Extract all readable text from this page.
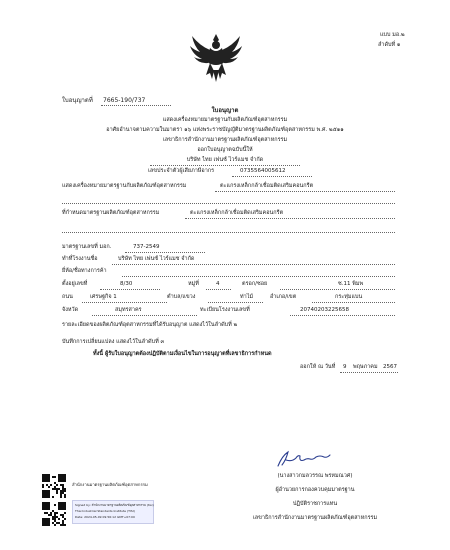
แบบ มอ.๒
ลำดับที่ ๑
ใบอนุญาตที่ 7665-190/737
ใบอนุญาต
แสดงเครื่องหมายมาตรฐานกับผลิตภัณฑ์อุตสาหกรรม
อาศัยอำนาจตามความในมาตรา ๑๖ แห่งพระราชบัญญัติมาตรฐานผลิตภัณฑ์อุตสาหกรรม พ.ศ. ๒๕๑๑
เลขาธิการสำนักงานมาตรฐานผลิตภัณฑ์อุตสาหกรรม
ออกใบอนุญาตฉบับนี้ให้
บริษัท ไทย เฟนซ์ ไวร์แมช จำกัด
เลขประจำตัวผู้เสียภาษีอากร	0735564005612
แสดงเครื่องหมายมาตรฐานกับผลิตภัณฑ์อุตสาหกรรม	ตะแกรงเหล็กกล้าเชื่อมติดเสริมคอนกรีต
ที่กำหนดมาตรฐานผลิตภัณฑ์อุตสาหกรรม	ตะแกรงเหล็กกล้าเชื่อมติดเสริมคอนกรีต
มาตรฐานเลขที่ มอก.	737-2549
ทำที่โรงงานชื่อ	บริษัท ไทย เฟนซ์ ไวร์แมช จำกัด
ยี่ห้อ/ชื่อทางการค้า
ตั้งอยู่เลขที่	8/30	หมู่ที่	4	ตรอก/ซอย	ซ.11 พิมพ
ถนน	เศรษฐกิจ 1	ตำบล/แขวง	ท่าไม้	อำเภอ/เขต	กระทุ่มแบน
จังหวัด	สมุทรสาคร	ทะเบียนโรงงานเลขที่	20740203225658
รายละเอียดของผลิตภัณฑ์อุตสาหกรรมที่ได้รับอนุญาต แสดงไว้ในลำดับที่ ๒
บันทึกการเปลี่ยนแปลง แสดงไว้ในลำดับที่ ๓
ทั้งนี้ ผู้รับใบอนุญาตต้องปฏิบัติตามเงื่อนไขในการอนุญาตที่เลขาธิการกำหนด
ออกให้ ณ วันที่ 9 พฤษภาคม 2567
(นางสาวกมลวรรณ พรหมณวศ)
ผู้อำนวยการกองควบคุมมาตรฐาน
ปฏิบัติราชการแทน
เลขาธิการสำนักงานมาตรฐานผลิตภัณฑ์อุตสาหกรรม
สำนักงานมาตรฐานผลิตภัณฑ์อุตสาหกรรม
Signed by: สำนักงานมาตรฐานผลิตภัณฑ์อุตสาหกรรม (tisi)
Thai Industrial Standards Institute (TISI)
Date: 2024-05-09 09:56:12 GMT+07:00
